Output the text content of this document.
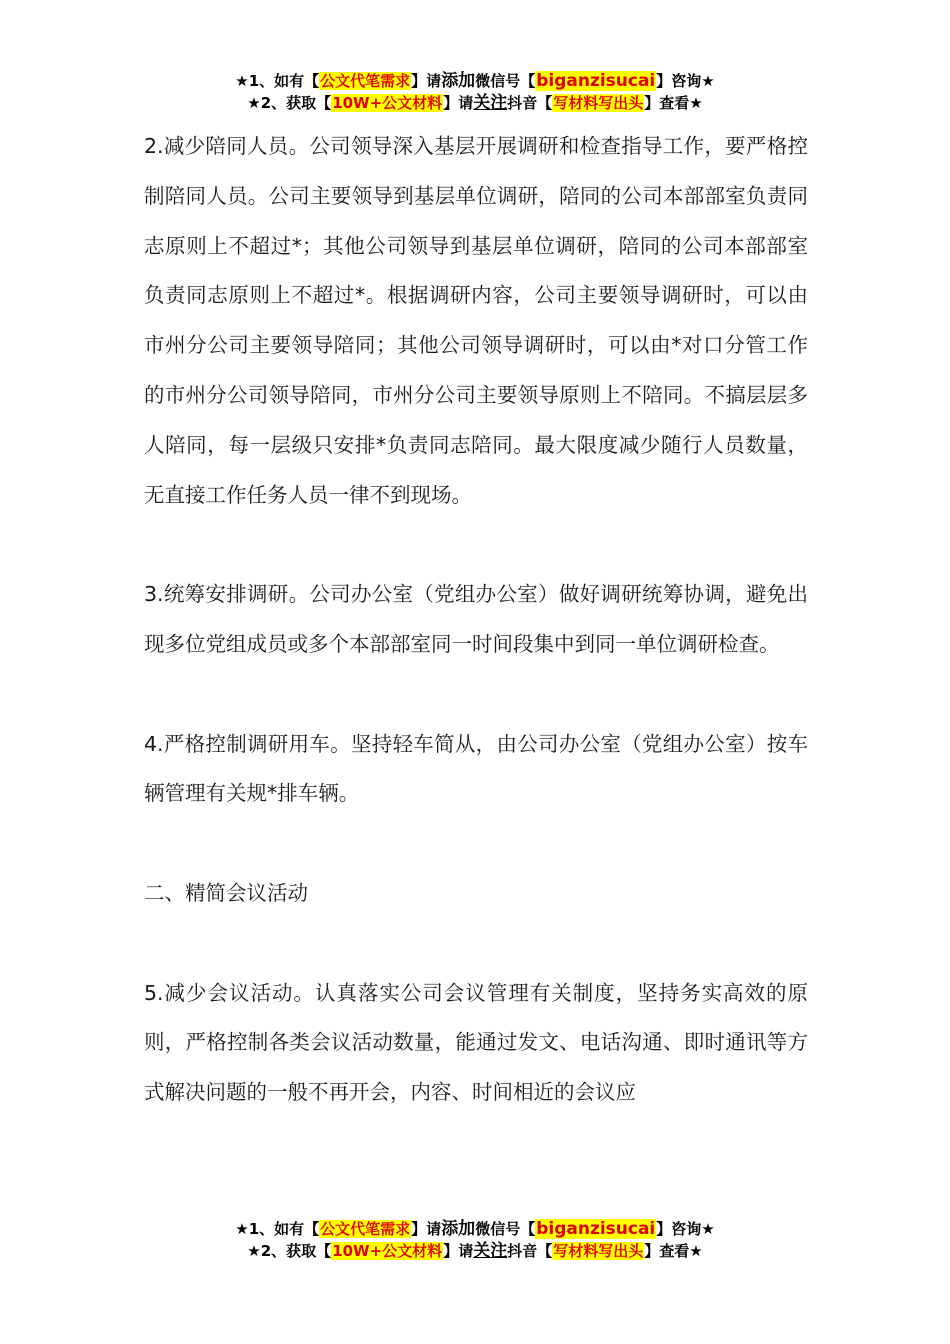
★1、如有【公文代笔需求】请添加微信号【biganzisucai】咨询★
★2、获取【10W+公文材料】请关注抖音【写材料写出头】查看★

2.减少陪同人员。公司领导深入基层开展调研和检查指导工作，要严格控制陪同人员。公司主要领导到基层单位调研，陪同的公司本部部室负责同志原则上不超过*；其他公司领导到基层单位调研，陪同的公司本部部室负责同志原则上不超过*。根据调研内容，公司主要领导调研时，可以由市州分公司主要领导陪同；其他公司领导调研时，可以由*对口分管工作的市州分公司领导陪同，市州分公司主要领导原则上不陪同。不搞层层多人陪同，每一层级只安排*负责同志陪同。最大限度减少随行人员数量，无直接工作任务人员一律不到现场。

3.统筹安排调研。公司办公室（党组办公室）做好调研统筹协调，避免出现多位党组成员或多个本部部室同一时间段集中到同一单位调研检查。

4.严格控制调研用车。坚持轻车简从，由公司办公室（党组办公室）按车辆管理有关规*排车辆。

二、精简会议活动

5.减少会议活动。认真落实公司会议管理有关制度，坚持务实高效的原则，严格控制各类会议活动数量，能通过发文、电话沟通、即时通讯等方式解决问题的一般不再开会，内容、时间相近的会议应

★1、如有【公文代笔需求】请添加微信号【biganzisucai】咨询★
★2、获取【10W+公文材料】请关注抖音【写材料写出头】查看★
